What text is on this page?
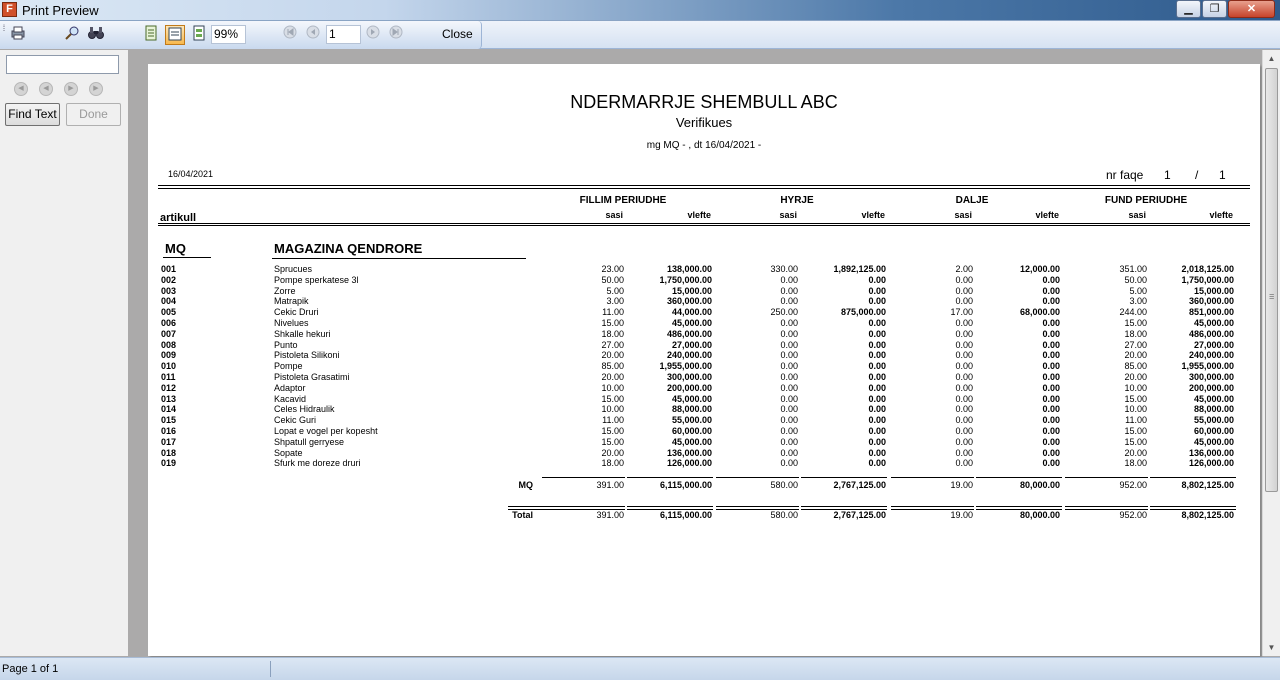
F Print Preview	▁	❐	✕
⁞	99%	1	Close
◀	◀	▶	▶
Find Text	Done
NDERMARRJE SHEMBULL ABC
Verifikues
mg MQ - , dt 16/04/2021 -
16/04/2021	nr faqe 1 / 1
FILLIM PERIUDHE	HYRJE	DALJE	FUND PERIUDHE
artikull	sasi	vlefte	sasi	vlefte	sasi	vlefte	sasi	vlefte
MQ	MAGAZINA QENDRORE
001	Sprucues	23.00	138,000.00	330.00	1,892,125.00	2.00	12,000.00	351.00	2,018,125.00
002	Pompe sperkatese 3l	50.00	1,750,000.00	0.00	0.00	0.00	0.00	50.00	1,750,000.00
003	Zorre	5.00	15,000.00	0.00	0.00	0.00	0.00	5.00	15,000.00
004	Matrapik	3.00	360,000.00	0.00	0.00	0.00	0.00	3.00	360,000.00
005	Cekic Druri	11.00	44,000.00	250.00	875,000.00	17.00	68,000.00	244.00	851,000.00
006	Nivelues	15.00	45,000.00	0.00	0.00	0.00	0.00	15.00	45,000.00
007	Shkalle hekuri	18.00	486,000.00	0.00	0.00	0.00	0.00	18.00	486,000.00
008	Punto	27.00	27,000.00	0.00	0.00	0.00	0.00	27.00	27,000.00
009	Pistoleta Silikoni	20.00	240,000.00	0.00	0.00	0.00	0.00	20.00	240,000.00
010	Pompe	85.00	1,955,000.00	0.00	0.00	0.00	0.00	85.00	1,955,000.00
011	Pistoleta Grasatimi	20.00	300,000.00	0.00	0.00	0.00	0.00	20.00	300,000.00
012	Adaptor	10.00	200,000.00	0.00	0.00	0.00	0.00	10.00	200,000.00
013	Kacavid	15.00	45,000.00	0.00	0.00	0.00	0.00	15.00	45,000.00
014	Celes Hidraulik	10.00	88,000.00	0.00	0.00	0.00	0.00	10.00	88,000.00
015	Cekic Guri	11.00	55,000.00	0.00	0.00	0.00	0.00	11.00	55,000.00
016	Lopat e vogel per kopesht	15.00	60,000.00	0.00	0.00	0.00	0.00	15.00	60,000.00
017	Shpatull gerryese	15.00	45,000.00	0.00	0.00	0.00	0.00	15.00	45,000.00
018	Sopate	20.00	136,000.00	0.00	0.00	0.00	0.00	20.00	136,000.00
019	Sfurk me doreze druri	18.00	126,000.00	0.00	0.00	0.00	0.00	18.00	126,000.00
MQ	391.00	6,115,000.00	580.00	2,767,125.00	19.00	80,000.00	952.00	8,802,125.00
Total	391.00	6,115,000.00	580.00	2,767,125.00	19.00	80,000.00	952.00	8,802,125.00
▲
☰
▼
Page 1 of 1
